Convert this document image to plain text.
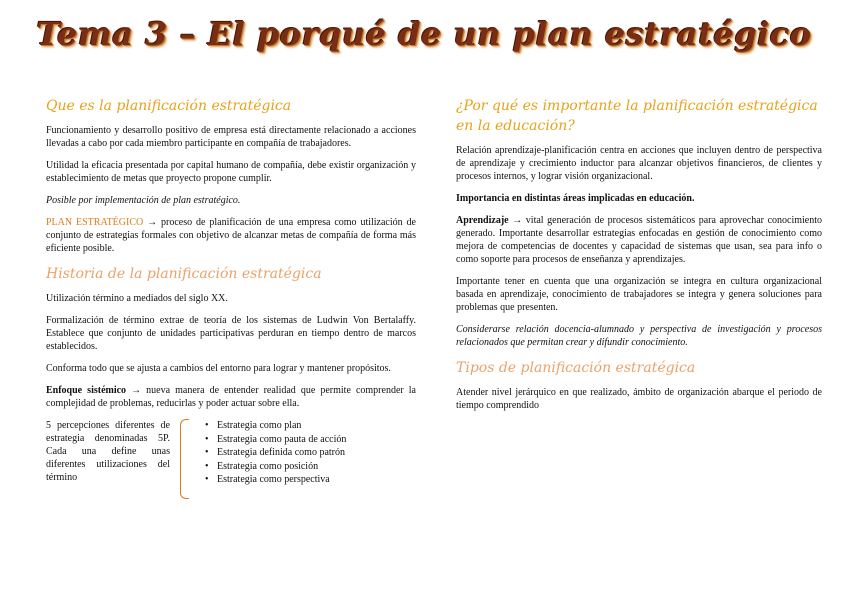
Tema 3 – El porqué de un plan estratégico
Que es la planificación estratégica

Funcionamiento y desarrollo positivo de empresa está directamente relacionado a acciones llevadas a cabo por cada miembro participante en compañía de trabajadores.

Utilidad la eficacia presentada por capital humano de compañía, debe existir organización y establecimiento de metas que proyecto propone cumplir.

Posible por implementación de plan estratégico.

PLAN ESTRATÉGICO → proceso de planificación de una empresa como utilización de conjunto de estrategias formales con objetivo de alcanzar metas de compañía de forma más eficiente posible.

Historia de la planificación estratégica

Utilización término a mediados del siglo XX.

Formalización de término extrae de teoría de los sistemas de Ludwin Von Bertalaffy. Establece que conjunto de unidades participativas perduran en tiempo dentro de marcos establecidos.

Conforma todo que se ajusta a cambios del entorno para lograr y mantener propósitos.

Enfoque sistémico → nueva manera de entender realidad que permite comprender la complejidad de problemas, reducirlas y poder actuar sobre ella.

5 percepciones diferentes de estrategia denominadas 5P. Cada una define unas diferentes utilizaciones del término
• Estrategia como plan
• Estrategia como pauta de acción
• Estrategia definida como patrón
• Estrategia como posición
• Estrategia como perspectiva
¿Por qué es importante la planificación estratégica en la educación?

Relación aprendizaje-planificación centra en acciones que incluyen dentro de perspectiva de aprendizaje y crecimiento inductor para alcanzar objetivos financieros, de clientes y procesos internos, y lograr visión organizacional.

Importancia en distintas áreas implicadas en educación.

Aprendizaje → vital generación de procesos sistemáticos para aprovechar conocimiento generado. Importante desarrollar estrategias enfocadas en gestión de conocimiento como mejora de competencias de docentes y capacidad de sistemas que usan, sea para info o como soporte para procesos de enseñanza y aprendizajes.

Importante tener en cuenta que una organización se integra en cultura organizacional basada en aprendizaje, conocimiento de trabajadores se integra y genera soluciones para problemas que presenten.

Considerarse relación docencia-alumnado y perspectiva de investigación y procesos relacionados que permitan crear y difundir conocimiento.

Tipos de planificación estratégica

Atender nivel jerárquico en que realizado, ámbito de organización abarque el periodo de tiempo comprendido
